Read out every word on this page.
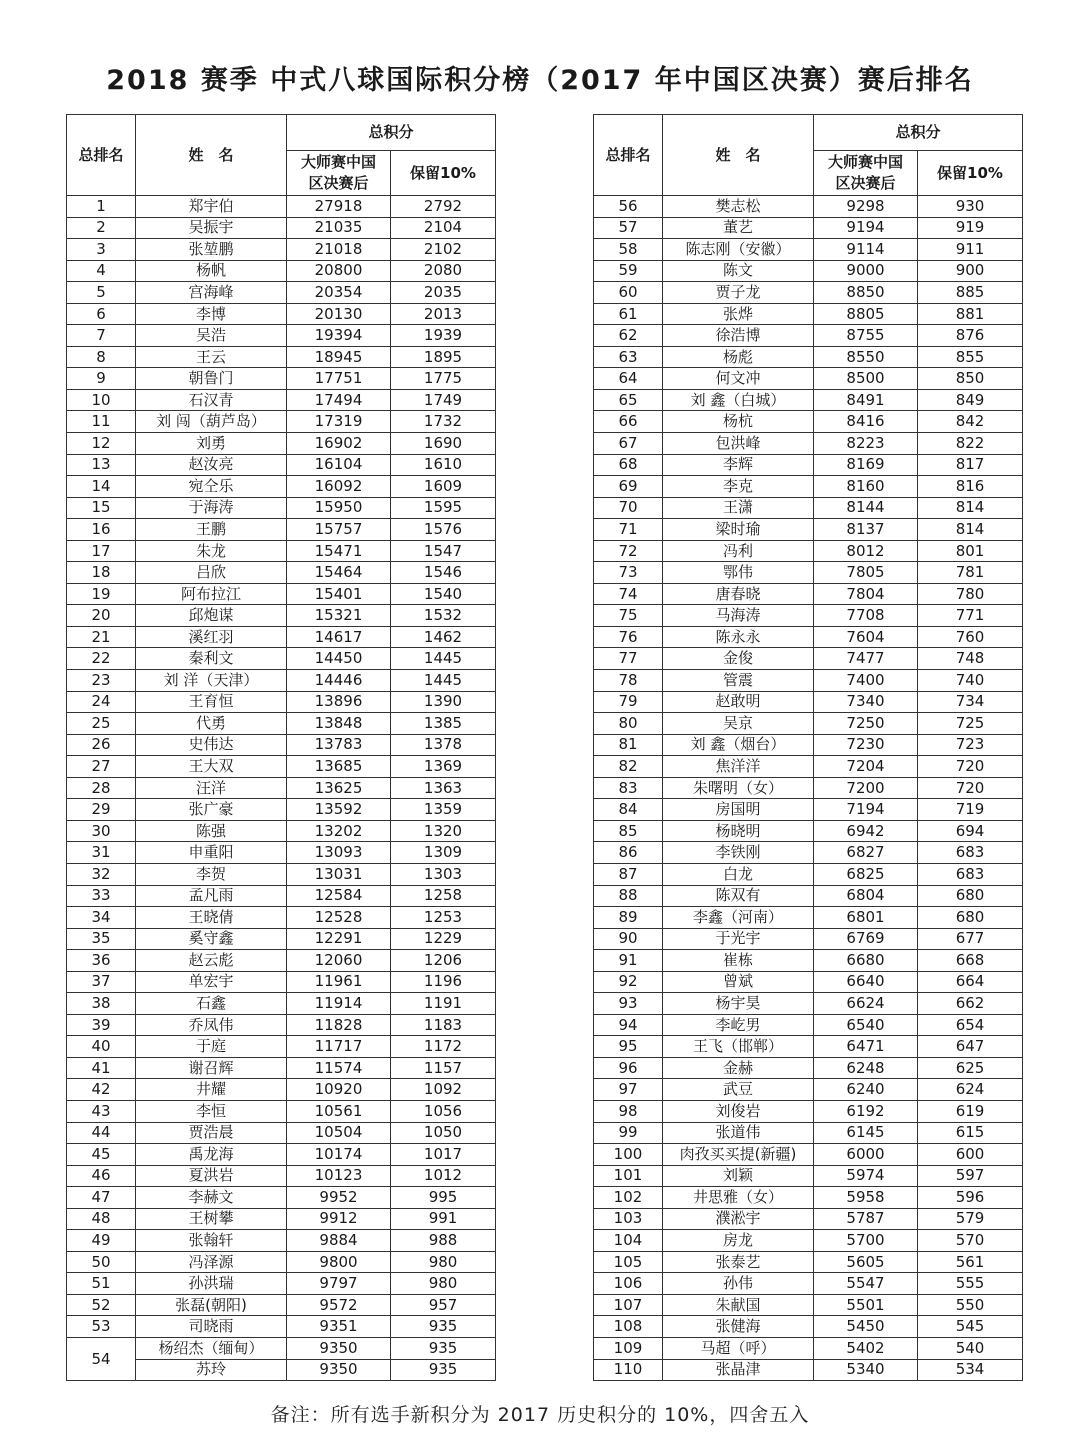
2018 赛季 中式八球国际积分榜（2017 年中国区决赛）赛后排名
总排名	姓　名	总积分	
		大师赛中国区决赛后	保留10%
1	郑宇伯	27918	2792
2	吴振宇	21035	2104
3	张堃鹏	21018	2102
4	杨帆	20800	2080
5	宫海峰	20354	2035
6	李博	20130	2013
7	吴浩	19394	1939
8	王云	18945	1895
9	朝鲁门	17751	1775
10	石汉青	17494	1749
11	刘 闯（葫芦岛）	17319	1732
12	刘勇	16902	1690
13	赵汝亮	16104	1610
14	宛仝乐	16092	1609
15	于海涛	15950	1595
16	王鹏	15757	1576
17	朱龙	15471	1547
18	吕欣	15464	1546
19	阿布拉江	15401	1540
20	邱炮谋	15321	1532
21	溪红羽	14617	1462
22	秦利文	14450	1445
23	刘 洋（天津）	14446	1445
24	王育恒	13896	1390
25	代勇	13848	1385
26	史伟达	13783	1378
27	王大双	13685	1369
28	汪洋	13625	1363
29	张广豪	13592	1359
30	陈强	13202	1320
31	申重阳	13093	1309
32	李贺	13031	1303
33	孟凡雨	12584	1258
34	王晓倩	12528	1253
35	奚守鑫	12291	1229
36	赵云彪	12060	1206
37	单宏宇	11961	1196
38	石鑫	11914	1191
39	乔凤伟	11828	1183
40	于庭	11717	1172
41	谢召辉	11574	1157
42	井耀	10920	1092
43	李恒	10561	1056
44	贾浩晨	10504	1050
45	禹龙海	10174	1017
46	夏洪岩	10123	1012
47	李赫文	9952	995
48	王树攀	9912	991
49	张翰轩	9884	988
50	冯泽源	9800	980
51	孙洪瑞	9797	980
52	张磊(朝阳)	9572	957
53	司晓雨	9351	935
54	杨绍杰（缅甸）	9350	935
	苏玲	9350	935
总排名	姓　名	总积分	
		大师赛中国区决赛后	保留10%
56	樊志松	9298	930
57	董艺	9194	919
58	陈志刚（安徽）	9114	911
59	陈文	9000	900
60	贾子龙	8850	885
61	张烨	8805	881
62	徐浩博	8755	876
63	杨彪	8550	855
64	何文冲	8500	850
65	刘 鑫（白城）	8491	849
66	杨杭	8416	842
67	包洪峰	8223	822
68	李辉	8169	817
69	李克	8160	816
70	王潇	8144	814
71	梁时瑜	8137	814
72	冯利	8012	801
73	鄂伟	7805	781
74	唐春晓	7804	780
75	马海涛	7708	771
76	陈永永	7604	760
77	金俊	7477	748
78	管震	7400	740
79	赵敢明	7340	734
80	吴京	7250	725
81	刘 鑫（烟台）	7230	723
82	焦洋洋	7204	720
83	朱曙明（女）	7200	720
84	房国明	7194	719
85	杨晓明	6942	694
86	李铁刚	6827	683
87	白龙	6825	683
88	陈双有	6804	680
89	李鑫（河南）	6801	680
90	于光宇	6769	677
91	崔栋	6680	668
92	曾斌	6640	664
93	杨宇昊	6624	662
94	李屹男	6540	654
95	王飞（邯郸）	6471	647
96	金赫	6248	625
97	武豆	6240	624
98	刘俊岩	6192	619
99	张道伟	6145	615
100	肉孜买买提(新疆)	6000	600
101	刘颖	5974	597
102	井思雅（女）	5958	596
103	濮淞宇	5787	579
104	房龙	5700	570
105	张泰艺	5605	561
106	孙伟	5547	555
107	朱献国	5501	550
108	张健海	5450	545
109	马超（呼）	5402	540
110	张晶津	5340	534
备注：所有选手新积分为 2017 历史积分的 10%，四舍五入
